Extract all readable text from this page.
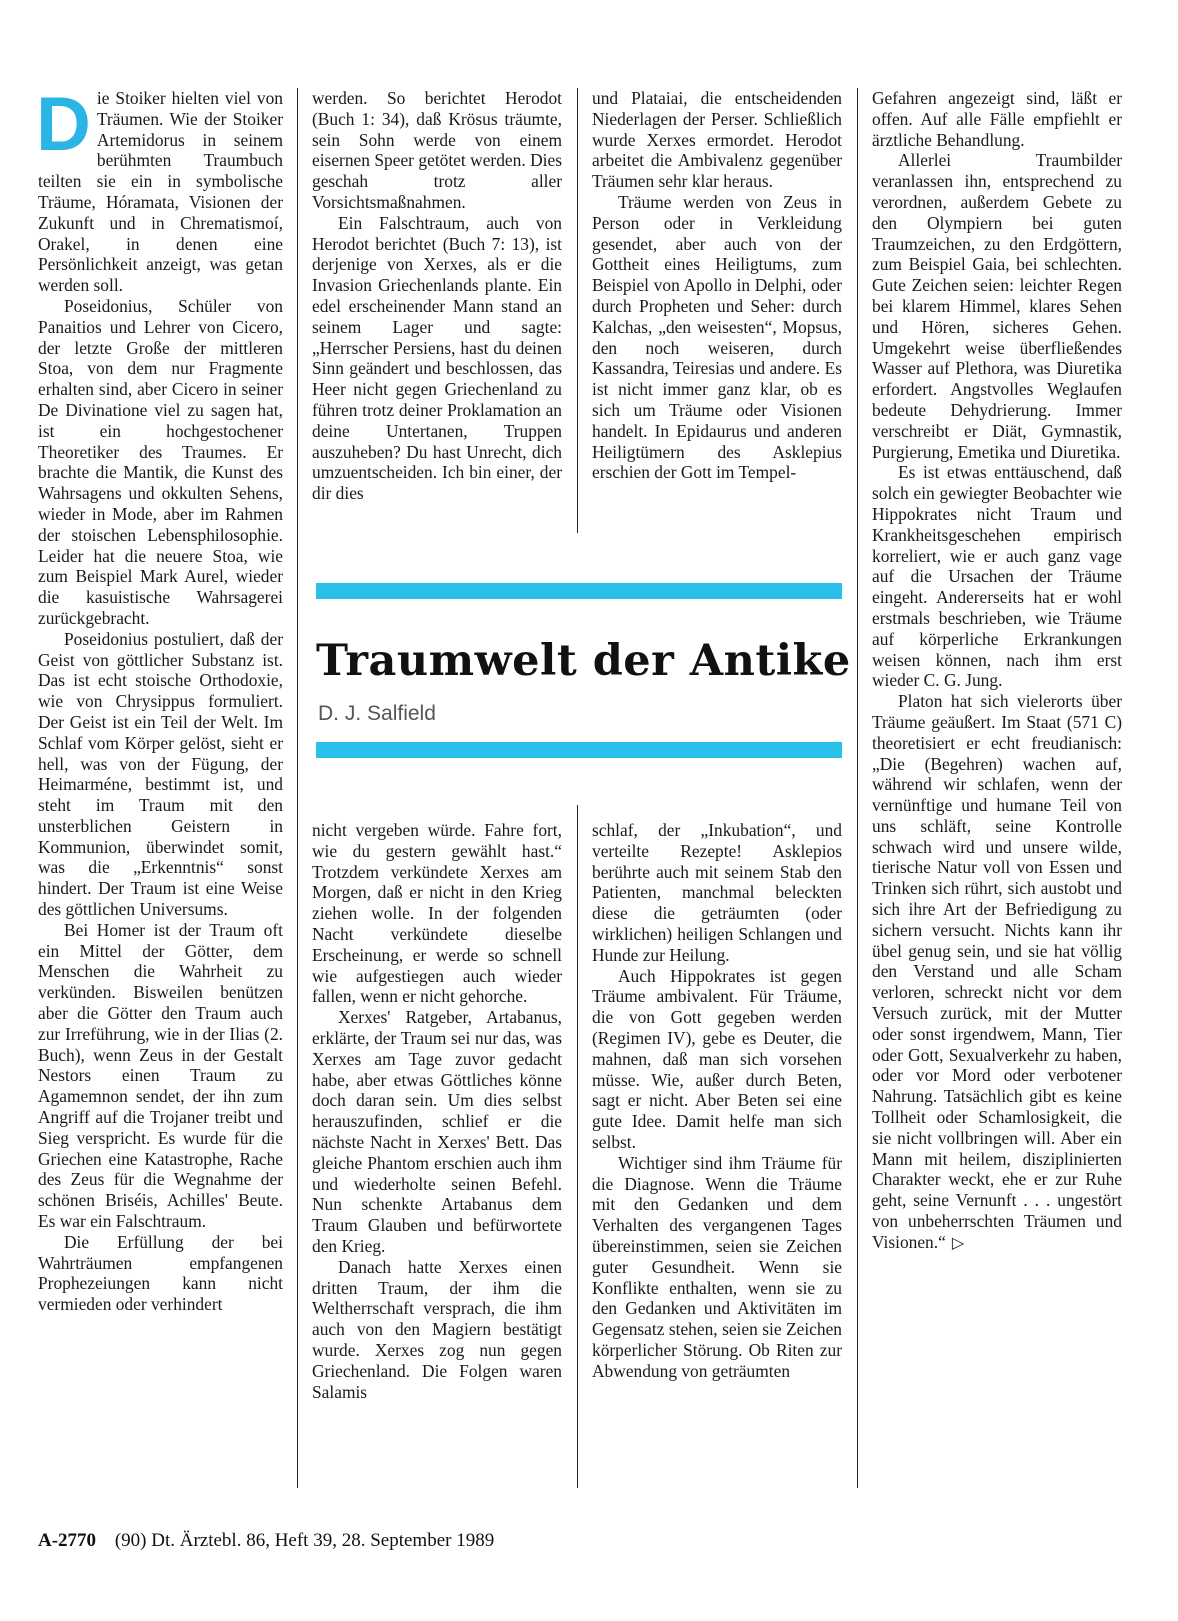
Die Stoiker hielten viel von Träumen. Wie der Stoiker Artemidorus in seinem berühmten Traumbuch teilten sie ein in symbolische Träume, Hóramata, Visionen der Zukunft und in Chrematismoí, Orakel, in denen eine Persönlichkeit anzeigt, was getan werden soll.

Poseidonius, Schüler von Panaitios und Lehrer von Cicero, der letzte Große der mittleren Stoa, von dem nur Fragmente erhalten sind, aber Cicero in seiner De Divinatione viel zu sagen hat, ist ein hochgestochener Theoretiker des Traumes. Er brachte die Mantik, die Kunst des Wahrsagens und okkulten Sehens, wieder in Mode, aber im Rahmen der stoischen Lebensphilosophie. Leider hat die neuere Stoa, wie zum Beispiel Mark Aurel, wieder die kasuistische Wahrsagerei zurückgebracht.

Poseidonius postuliert, daß der Geist von göttlicher Substanz ist. Das ist echt stoische Orthodoxie, wie von Chrysippus formuliert. Der Geist ist ein Teil der Welt. Im Schlaf vom Körper gelöst, sieht er hell, was von der Fügung, der Heimarméne, bestimmt ist, und steht im Traum mit den unsterblichen Geistern in Kommunion, überwindet somit, was die „Erkenntnis“ sonst hindert. Der Traum ist eine Weise des göttlichen Universums.

Bei Homer ist der Traum oft ein Mittel der Götter, dem Menschen die Wahrheit zu verkünden. Bisweilen benützen aber die Götter den Traum auch zur Irreführung, wie in der Ilias (2. Buch), wenn Zeus in der Gestalt Nestors einen Traum zu Agamemnon sendet, der ihn zum Angriff auf die Trojaner treibt und Sieg verspricht. Es wurde für die Griechen eine Katastrophe, Rache des Zeus für die Wegnahme der schönen Briséis, Achilles' Beute. Es war ein Falschtraum.

Die Erfüllung der bei Wahrträumen empfangenen Prophezeiungen kann nicht vermieden oder verhindert

werden. So berichtet Herodot (Buch 1: 34), daß Krösus träumte, sein Sohn werde von einem eisernen Speer getötet werden. Dies geschah trotz aller Vorsichtsmaßnahmen.

Ein Falschtraum, auch von Herodot berichtet (Buch 7: 13), ist derjenige von Xerxes, als er die Invasion Griechenlands plante. Ein edel erscheinender Mann stand an seinem Lager und sagte: „Herrscher Persiens, hast du deinen Sinn geändert und beschlossen, das Heer nicht gegen Griechenland zu führen trotz deiner Proklamation an deine Untertanen, Truppen auszuheben? Du hast Unrecht, dich umzuentscheiden. Ich bin einer, der dir dies

und Plataiai, die entscheidenden Niederlagen der Perser. Schließlich wurde Xerxes ermordet. Herodot arbeitet die Ambivalenz gegenüber Träumen sehr klar heraus.

Träume werden von Zeus in Person oder in Verkleidung gesendet, aber auch von der Gottheit eines Heiligtums, zum Beispiel von Apollo in Delphi, oder durch Propheten und Seher: durch Kalchas, „den weisesten“, Mopsus, den noch weiseren, durch Kassandra, Teiresias und andere. Es ist nicht immer ganz klar, ob es sich um Träume oder Visionen handelt. In Epidaurus und anderen Heiligtümern des Asklepius erschien der Gott im Tempel-

Traumwelt der Antike
D. J. Salfield

nicht vergeben würde. Fahre fort, wie du gestern gewählt hast.“ Trotzdem verkündete Xerxes am Morgen, daß er nicht in den Krieg ziehen wolle. In der folgenden Nacht verkündete dieselbe Erscheinung, er werde so schnell wie aufgestiegen auch wieder fallen, wenn er nicht gehorche.

Xerxes' Ratgeber, Artabanus, erklärte, der Traum sei nur das, was Xerxes am Tage zuvor gedacht habe, aber etwas Göttliches könne doch daran sein. Um dies selbst herauszufinden, schlief er die nächste Nacht in Xerxes' Bett. Das gleiche Phantom erschien auch ihm und wiederholte seinen Befehl. Nun schenkte Artabanus dem Traum Glauben und befürwortete den Krieg.

Danach hatte Xerxes einen dritten Traum, der ihm die Weltherrschaft versprach, die ihm auch von den Magiern bestätigt wurde. Xerxes zog nun gegen Griechenland. Die Folgen waren Salamis

schlaf, der „Inkubation“, und verteilte Rezepte! Asklepios berührte auch mit seinem Stab den Patienten, manchmal beleckten diese die geträumten (oder wirklichen) heiligen Schlangen und Hunde zur Heilung.

Auch Hippokrates ist gegen Träume ambivalent. Für Träume, die von Gott gegeben werden (Regimen IV), gebe es Deuter, die mahnen, daß man sich vorsehen müsse. Wie, außer durch Beten, sagt er nicht. Aber Beten sei eine gute Idee. Damit helfe man sich selbst.

Wichtiger sind ihm Träume für die Diagnose. Wenn die Träume mit den Gedanken und dem Verhalten des vergangenen Tages übereinstimmen, seien sie Zeichen guter Gesundheit. Wenn sie Konflikte enthalten, wenn sie zu den Gedanken und Aktivitäten im Gegensatz stehen, seien sie Zeichen körperlicher Störung. Ob Riten zur Abwendung von geträumten

Gefahren angezeigt sind, läßt er offen. Auf alle Fälle empfiehlt er ärztliche Behandlung.

Allerlei Traumbilder veranlassen ihn, entsprechend zu verordnen, außerdem Gebete zu den Olympiern bei guten Traumzeichen, zu den Erdgöttern, zum Beispiel Gaia, bei schlechten. Gute Zeichen seien: leichter Regen bei klarem Himmel, klares Sehen und Hören, sicheres Gehen. Umgekehrt weise überfließendes Wasser auf Plethora, was Diuretika erfordert. Angstvolles Weglaufen bedeute Dehydrierung. Immer verschreibt er Diät, Gymnastik, Purgierung, Emetika und Diuretika.

Es ist etwas enttäuschend, daß solch ein gewiegter Beobachter wie Hippokrates nicht Traum und Krankheitsgeschehen empirisch korreliert, wie er auch ganz vage auf die Ursachen der Träume eingeht. Andererseits hat er wohl erstmals beschrieben, wie Träume auf körperliche Erkrankungen weisen können, nach ihm erst wieder C. G. Jung.

Platon hat sich vielerorts über Träume geäußert. Im Staat (571 C) theoretisiert er echt freudianisch: „Die (Begehren) wachen auf, während wir schlafen, wenn der vernünftige und humane Teil von uns schläft, seine Kontrolle schwach wird und unsere wilde, tierische Natur voll von Essen und Trinken sich rührt, sich austobt und sich ihre Art der Befriedigung zu sichern versucht. Nichts kann ihr übel genug sein, und sie hat völlig den Verstand und alle Scham verloren, schreckt nicht vor dem Versuch zurück, mit der Mutter oder sonst irgendwem, Mann, Tier oder Gott, Sexualverkehr zu haben, oder vor Mord oder verbotener Nahrung. Tatsächlich gibt es keine Tollheit oder Schamlosigkeit, die sie nicht vollbringen will. Aber ein Mann mit heilem, disziplinierten Charakter weckt, ehe er zur Ruhe geht, seine Vernunft . . . ungestört von unbeherrschten Träumen und Visionen.“ ▷

A-2770 (90) Dt. Ärztebl. 86, Heft 39, 28. September 1989
